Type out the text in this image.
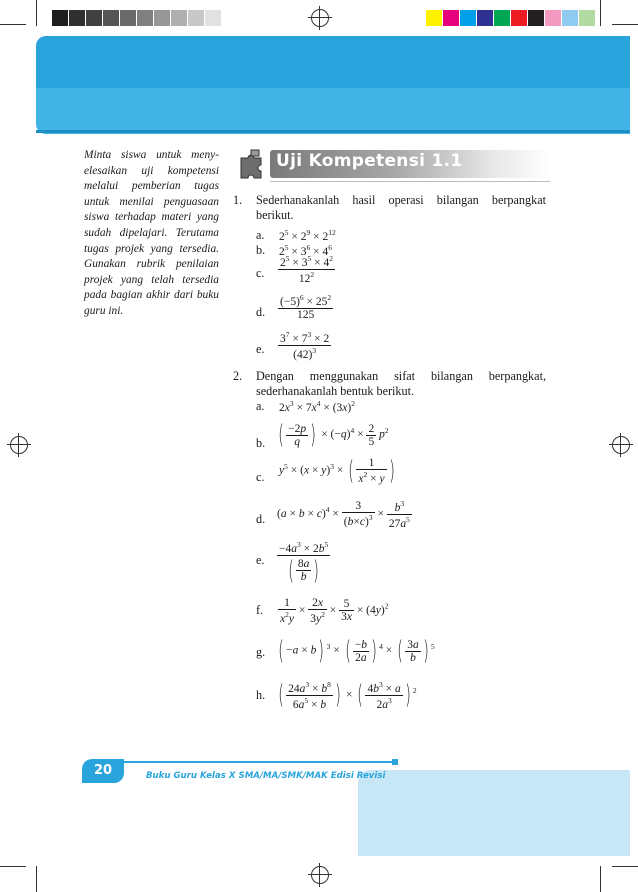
Minta siswa untuk meny-elesaikan uji kompetensi melalui pemberian tugas untuk menilai penguasaan siswa terhadap materi yang sudah dipelajari. Terutama tugas projek yang tersedia. Gunakan rubrik penilaian projek yang telah tersedia pada bagian akhir dari buku guru ini.
Uji Kompetensi 1.1
1. Sederhanakanlah hasil operasi bilangan berpangkat berikut.
a. $2^5 \times 2^9 \times 2^{12}$
b. $2^5 \times 3^6 \times 4^6$
c. $\frac{2^5 \times 3^5 \times 4^2}{12^2}$
d. $\frac{(-5)^6 \times 25^2}{125}$
e. $\frac{3^7 \times 7^3 \times 2}{(42)^3}$
2. Dengan menggunakan sifat bilangan berpangkat, sederhanakanlah bentuk berikut.
a. $2x^3 \times 7x^4 \times (3x)^2$
b. ( $\frac{-2p}{q}$ ) × $(-q)^4 \times \frac{2}{5} p^2$
c. $y^5 \times (x \times y)^3$ × ( $\frac{1}{x^2 \times y}$ )
d. $(a \times b \times c)^4 \times \frac{3}{(b\times c)^3} \times \frac{b^3}{27a^5}$
e. $\frac{-4a^3 \times 2b^5}{( \frac{8a}{b} )}$
f. $\frac{1}{x^2y} \times \frac{2x}{3y^2} \times \frac{5}{3x} \times (4y)^2$
g. ( −a × b) $^3$ × ( $\frac{-b}{2a}$ ) $^4$ × ( $\frac{3a}{b}$ ) $^5$
h. ( $\frac{24a^3 \times b^8}{6a^5 \times b}$ ) × ( $\frac{4b^3 \times a}{2a^3}$ ) $^2$
20	Buku Guru Kelas X SMA/MA/SMK/MAK Edisi Revisi
